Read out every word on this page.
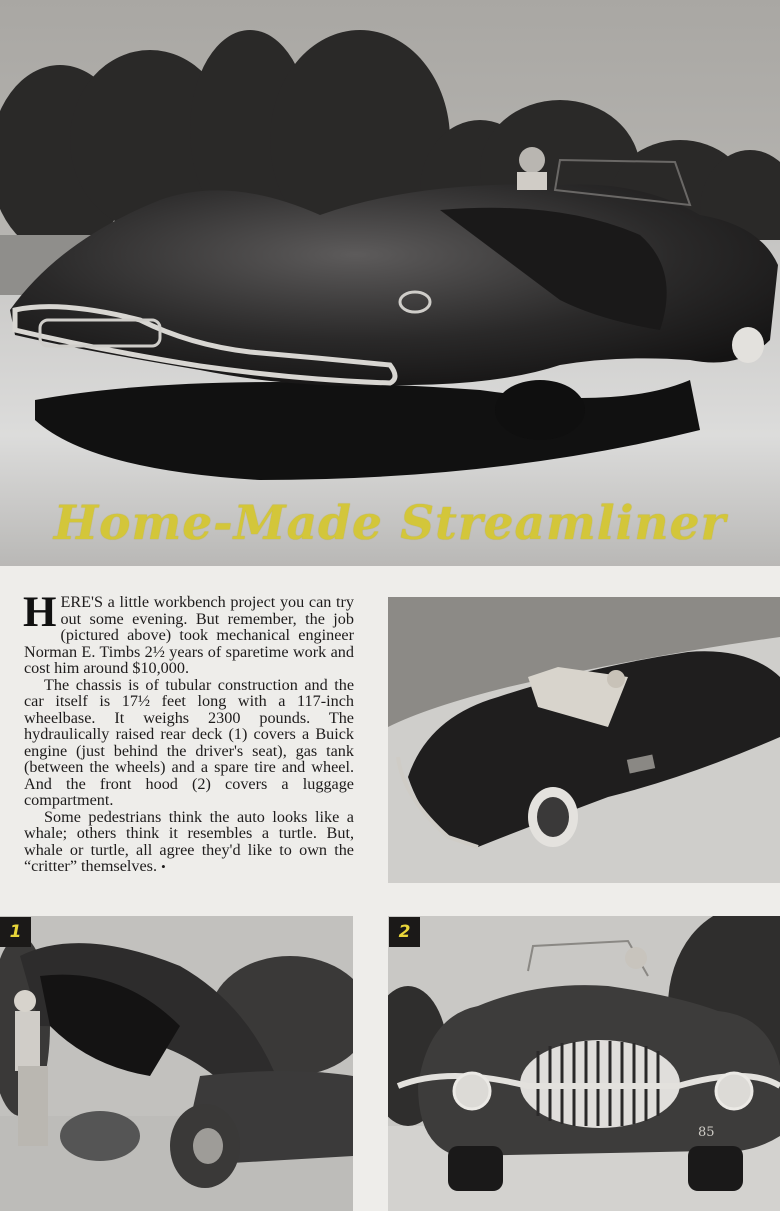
Home-Made Streamliner

HERE'S a little workbench project you can try out some evening. But remember, the job (pictured above) took mechanical engineer Norman E. Timbs 2½ years of sparetime work and cost him around $10,000.

The chassis is of tubular construction and the car itself is 17½ feet long with a 117-inch wheelbase. It weighs 2300 pounds. The hydraulically raised rear deck (1) covers a Buick engine (just behind the driver's seat), gas tank (between the wheels) and a spare tire and wheel. And the front hood (2) covers a luggage compartment.

Some pedestrians think the auto looks like a whale; others think it resembles a turtle. But, whale or turtle, all agree they'd like to own the “critter” themselves. •

1
85
2
